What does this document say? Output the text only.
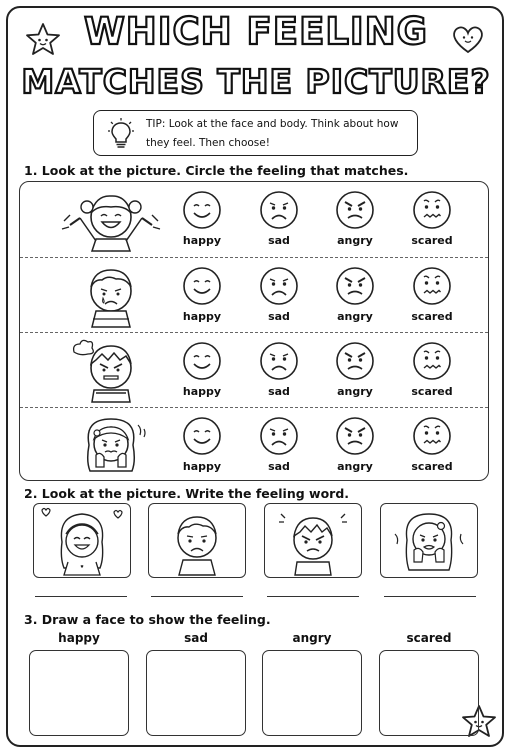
WHICH FEELING
MATCHES THE PICTURE?
TIP: Look at the face and body. Think about how they feel. Then choose!
1. Look at the picture. Circle the feeling that matches.
happy	sad	angry	scared
happy	sad	angry	scared
happy	sad	angry	scared
happy	sad	angry	scared
2. Look at the picture. Write the feeling word.
3. Draw a face to show the feeling.
happy	sad	angry	scared
